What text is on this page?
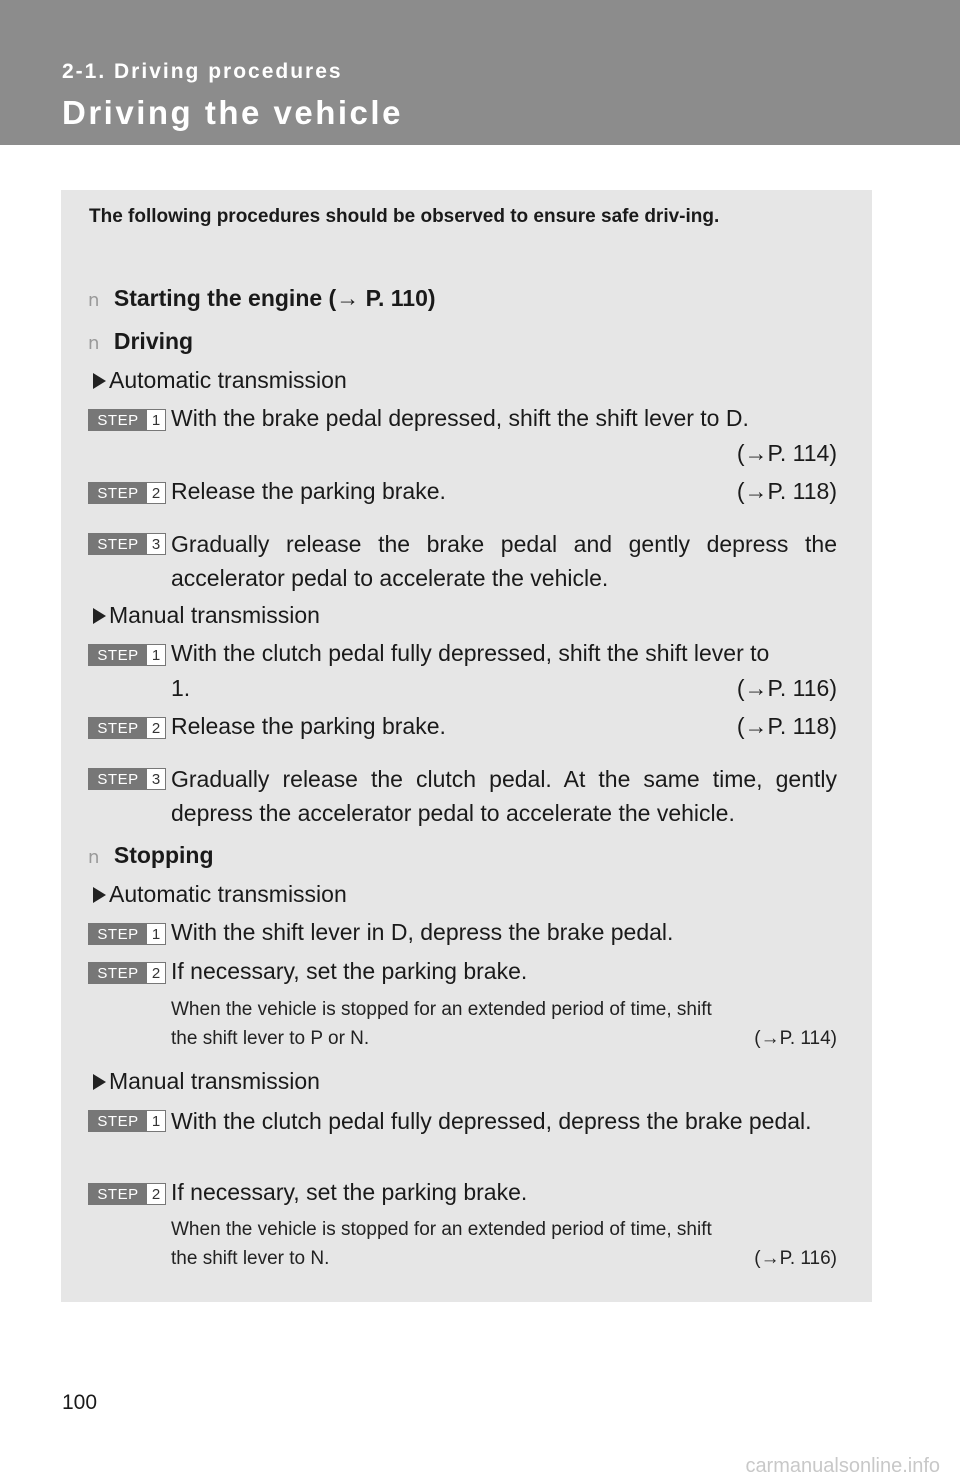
2-1. Driving procedures
Driving the vehicle
The following procedures should be observed to ensure safe driv-ing.
n Starting the engine (→ P. 110)
n Driving
Automatic transmission
STEP 1 With the brake pedal depressed, shift the shift lever to D.
(→P. 114)
STEP 2 Release the parking brake.	(→P. 118)
STEP 3 Gradually release the brake pedal and gently depress the accelerator pedal to accelerate the vehicle.
Manual transmission
STEP 1 With the clutch pedal fully depressed, shift the shift lever to
1.	(→P. 116)
STEP 2 Release the parking brake.	(→P. 118)
STEP 3 Gradually release the clutch pedal. At the same time, gently depress the accelerator pedal to accelerate the vehicle.
n Stopping
Automatic transmission
STEP 1 With the shift lever in D, depress the brake pedal.
STEP 2 If necessary, set the parking brake.
When the vehicle is stopped for an extended period of time, shift
the shift lever to P or N.	(→P. 114)
Manual transmission
STEP 1 With the clutch pedal fully depressed, depress the brake pedal.
STEP 2 If necessary, set the parking brake.
When the vehicle is stopped for an extended period of time, shift
the shift lever to N.	(→P. 116)
100
carmanualsonline.info
